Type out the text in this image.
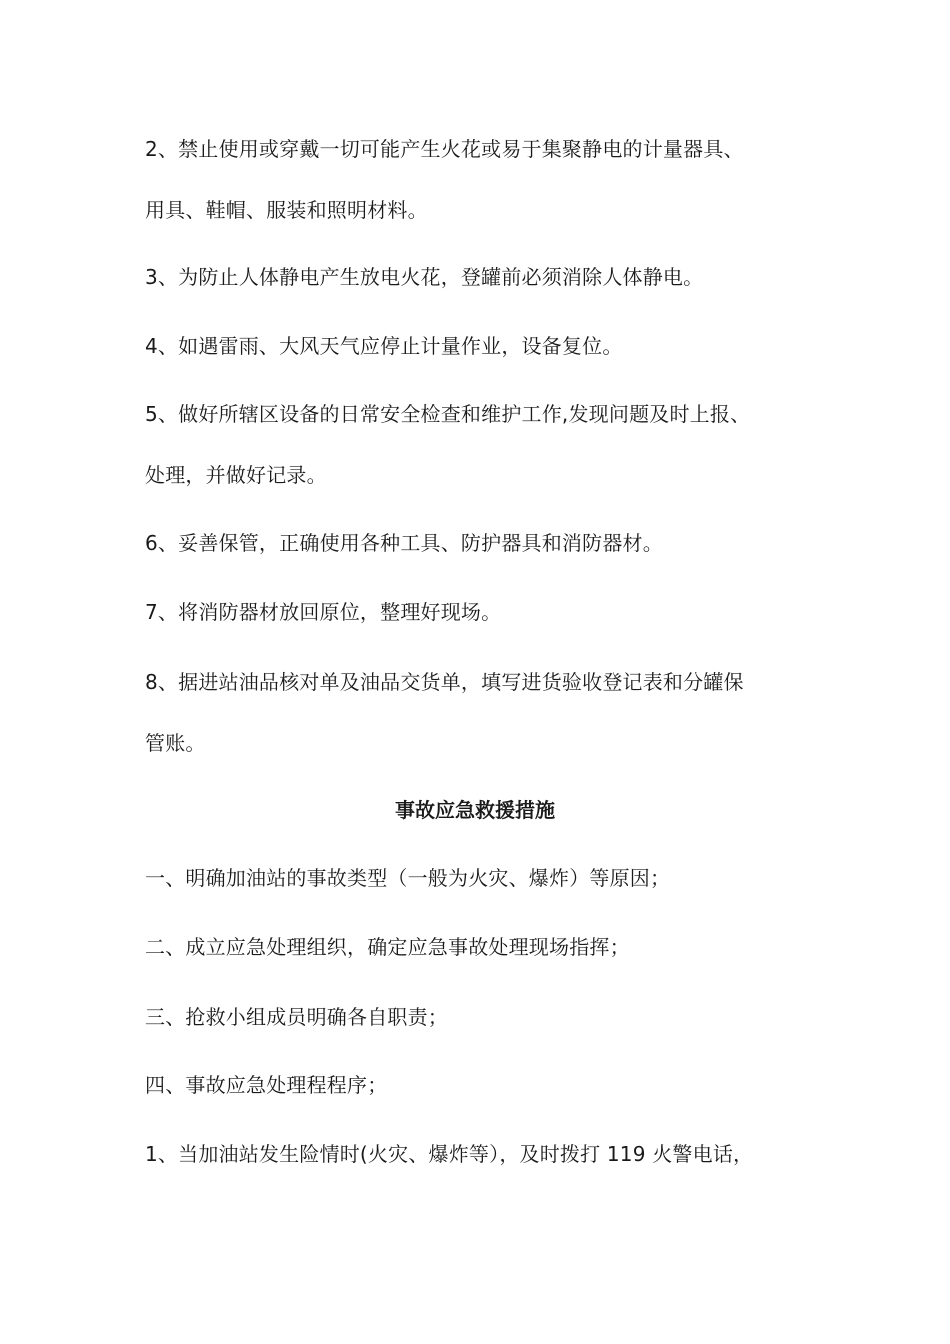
2、禁止使用或穿戴一切可能产生火花或易于集聚静电的计量器具、
用具、鞋帽、服装和照明材料。
3、为防止人体静电产生放电火花，登罐前必须消除人体静电。
4、如遇雷雨、大风天气应停止计量作业，设备复位。
5、做好所辖区设备的日常安全检查和维护工作,发现问题及时上报、
处理，并做好记录。
6、妥善保管，正确使用各种工具、防护器具和消防器材。
7、将消防器材放回原位，整理好现场。
8、据进站油品核对单及油品交货单，填写进货验收登记表和分罐保
管账。
事故应急救援措施
一、明确加油站的事故类型（一般为火灾、爆炸）等原因；
二、成立应急处理组织，确定应急事故处理现场指挥；
三、抢救小组成员明确各自职责；
四、事故应急处理程程序；
1、当加油站发生险情时(火灾、爆炸等），及时拨打 119 火警电话，
